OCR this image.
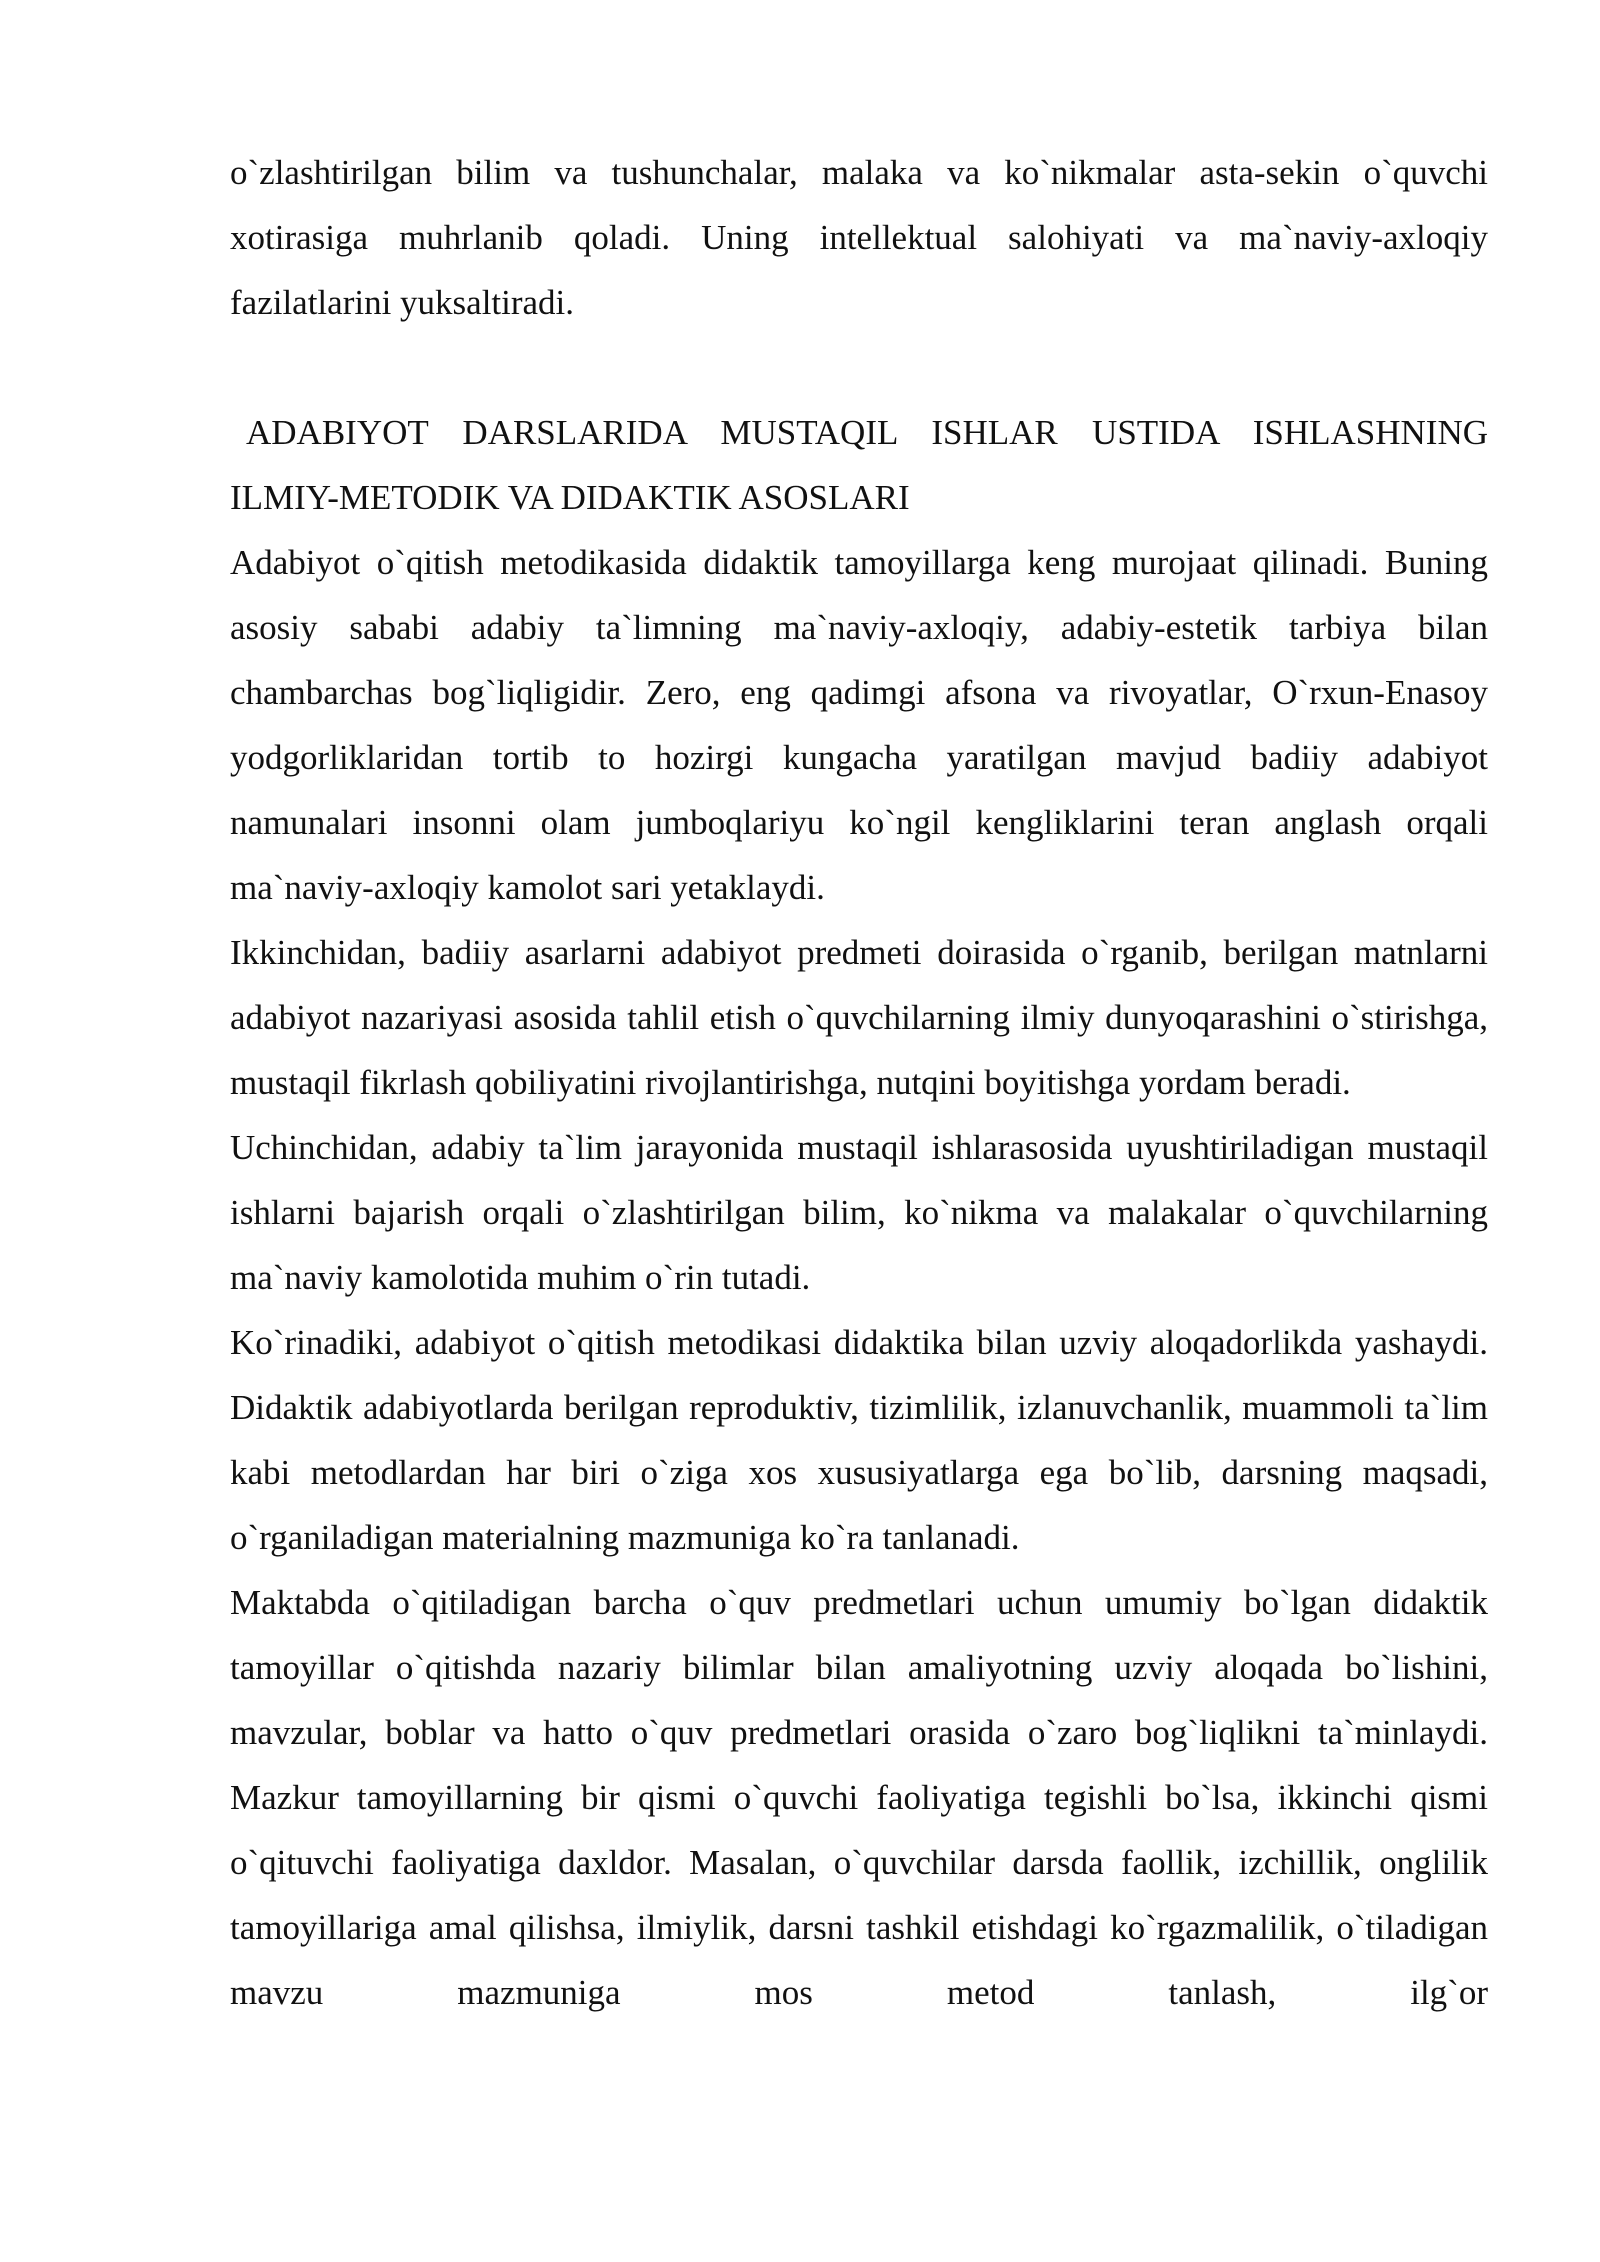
o`zlashtirilgan bilim va tushunchalar, malaka va ko`nikmalar asta-sekin o`quvchi xotirasiga muhrlanib qoladi. Uning intellektual salohiyati va ma`naviy-axloqiy fazilatlarini yuksaltiradi.

ADABIYOT DARSLARIDA MUSTAQIL ISHLAR USTIDA ISHLASHNING
ILMIY-METODIK VA DIDAKTIK ASOSLARI

Adabiyot o`qitish metodikasida didaktik tamoyillarga keng murojaat qilinadi. Buning asosiy sababi adabiy ta`limning ma`naviy-axloqiy, adabiy-estetik tarbiya bilan chambarchas bog`liqligidir. Zero, eng qadimgi afsona va rivoyatlar, O`rxun-Enasoy yodgorliklaridan tortib to hozirgi kungacha yaratilgan mavjud badiiy adabiyot namunalari insonni olam jumboqlariyu ko`ngil kengliklarini teran anglash orqali ma`naviy-axloqiy kamolot sari yetaklaydi.

Ikkinchidan, badiiy asarlarni adabiyot predmeti doirasida o`rganib, berilgan matnlarni adabiyot nazariyasi asosida tahlil etish o`quvchilarning ilmiy dunyoqarashini o`stirishga, mustaqil fikrlash qobiliyatini rivojlantirishga, nutqini boyitishga yordam beradi.

Uchinchidan, adabiy ta`lim jarayonida mustaqil ishlarasosida uyushtiriladigan mustaqil ishlarni bajarish orqali o`zlashtirilgan bilim, ko`nikma va malakalar o`quvchilarning ma`naviy kamolotida muhim o`rin tutadi.

Ko`rinadiki, adabiyot o`qitish metodikasi didaktika bilan uzviy aloqadorlikda yashaydi. Didaktik adabiyotlarda berilgan reproduktiv, tizimlilik, izlanuvchanlik, muammoli ta`lim kabi metodlardan har biri o`ziga xos xususiyatlarga ega bo`lib, darsning maqsadi, o`rganiladigan materialning mazmuniga ko`ra tanlanadi.

Maktabda o`qitiladigan barcha o`quv predmetlari uchun umumiy bo`lgan didaktik tamoyillar o`qitishda nazariy bilimlar bilan amaliyotning uzviy aloqada bo`lishini, mavzular, boblar va hatto o`quv predmetlari orasida o`zaro bog`liqlikni ta`minlaydi. Mazkur tamoyillarning bir qismi o`quvchi faoliyatiga tegishli bo`lsa, ikkinchi qismi o`qituvchi faoliyatiga daxldor. Masalan, o`quvchilar darsda faollik, izchillik, onglilik tamoyillariga amal qilishsa, ilmiylik, darsni tashkil etishdagi ko`rgazmalilik, o`tiladigan mavzu mazmuniga mos metod tanlash, ilg`or
